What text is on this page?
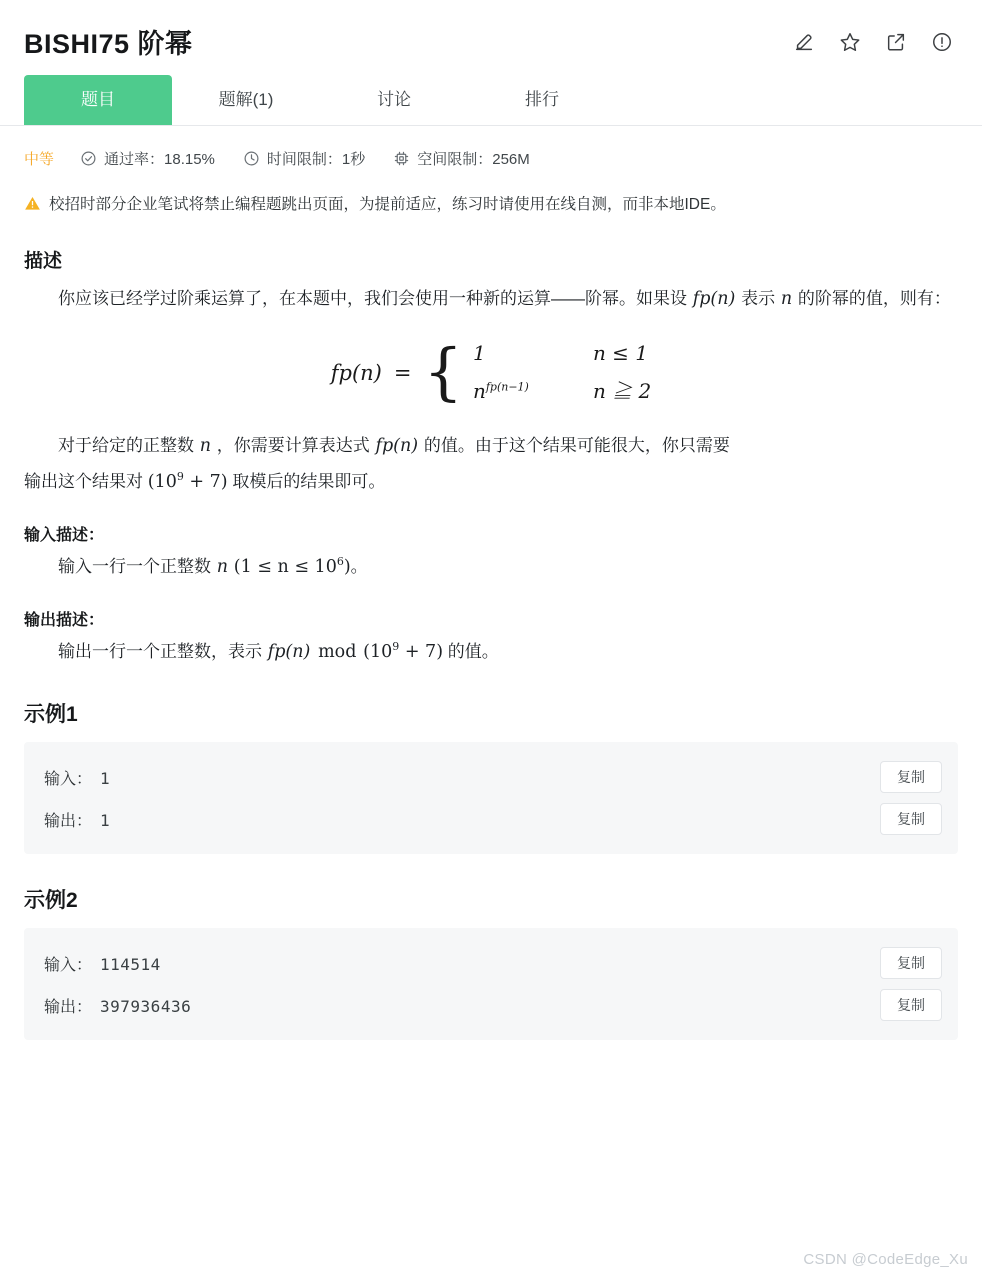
BISHI75 阶幂
题目	题解(1)	讨论	排行
中等	通过率：18.15%	时间限制：1秒	空间限制：256M
校招时部分企业笔试将禁止编程题跳出页面，为提前适应，练习时请使用在线自测，而非本地IDE。
描述

你应该已经学过阶乘运算了，在本题中，我们会使用一种新的运算——阶幂。如果设 fp(n) 表示 n 的阶幂的值，则有：

fp(n) = { 1	n ≤ 1
$n^{fp(n-1)}$	n ≧ 2

对于给定的正整数 n ，你需要计算表达式 fp(n) 的值。由于这个结果可能很大，你只需要

输出这个结果对 $(10^9 + 7)$ 取模后的结果即可。

输入描述：

输入一行一个正整数 n $(1 \le n \le 10^6)$。

输出描述：

输出一行一个正整数，表示 fp(n) mod $(10^9 + 7)$ 的值。

示例1
输入： 1	复制
输出： 1	复制
示例2
输入： 114514	复制
输出： 397936436	复制
CSDN @CodeEdge_Xu
